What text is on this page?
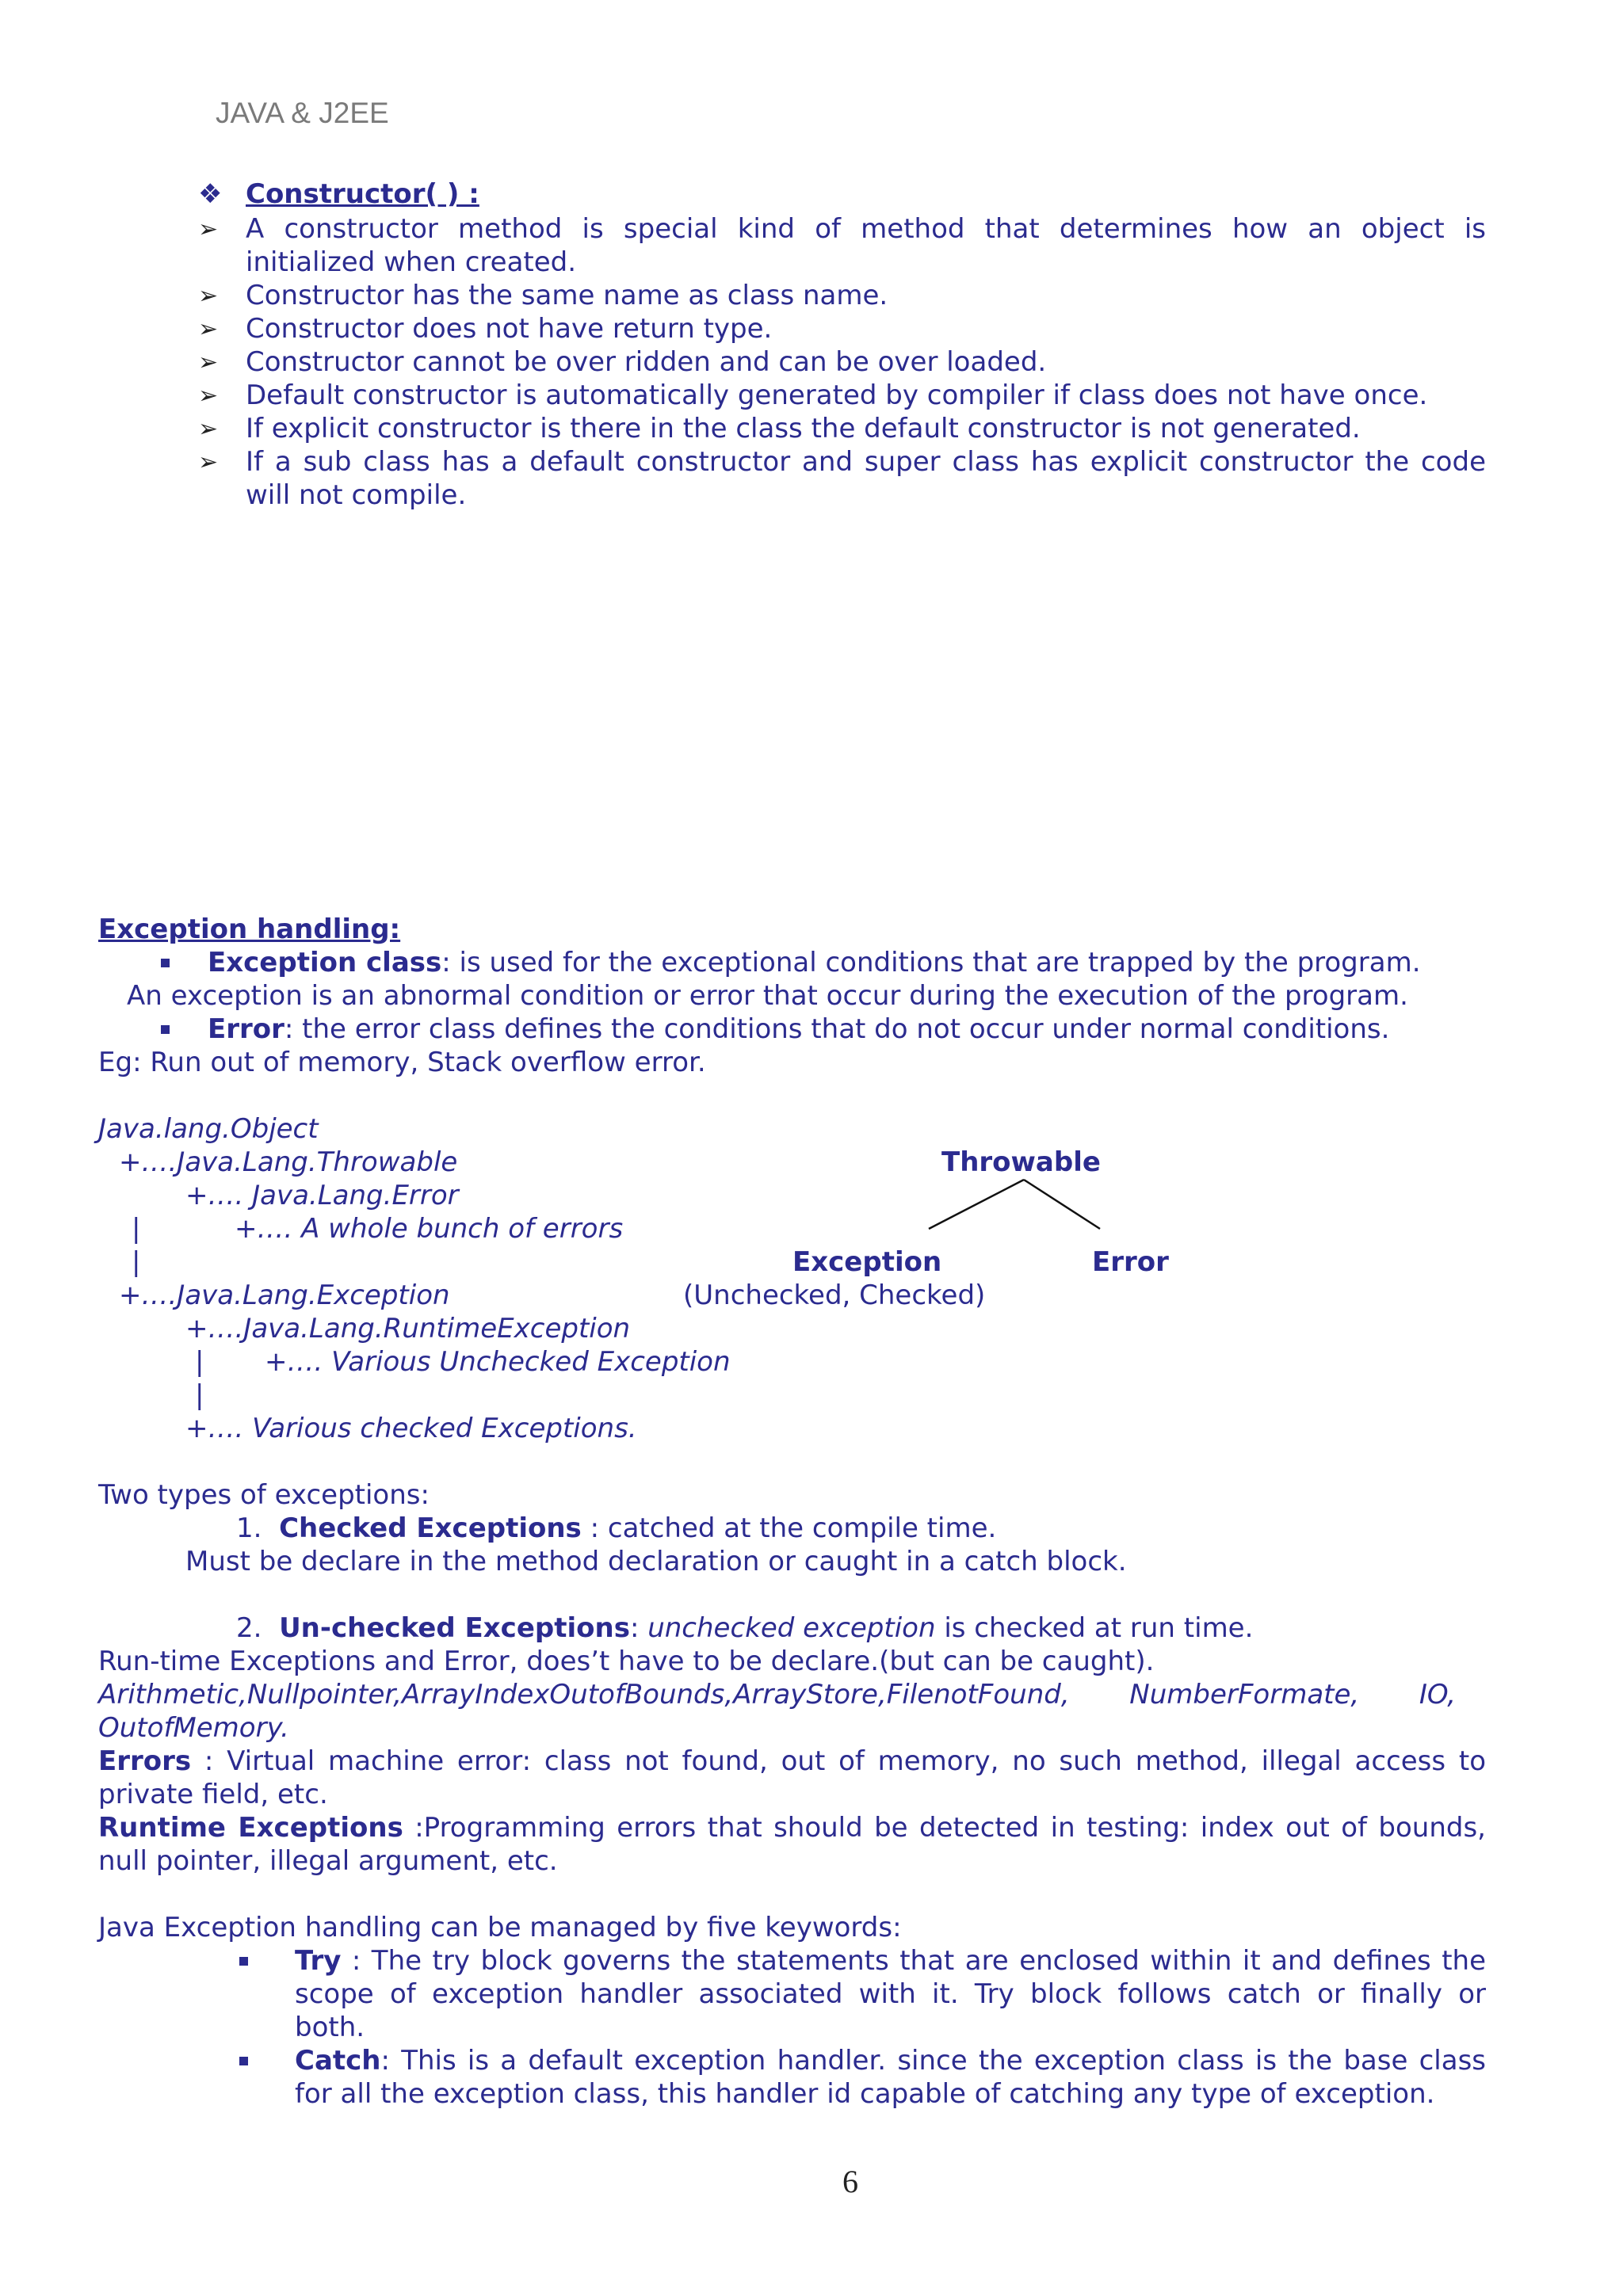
JAVA & J2EE
❖ Constructor( ) :
➢ A constructor method is special kind of method that determines how an object is
initialized when created.
➢ Constructor has the same name as class name.
➢ Constructor does not have return type.
➢ Constructor cannot be over ridden and can be over loaded.
➢ Default constructor is automatically generated by compiler if class does not have once.
➢ If explicit constructor is there in the class the default constructor is not generated.
➢ If a sub class has a default constructor and super class has explicit constructor the code
will not compile.
Exception handling:
Exception class: is used for the exceptional conditions that are trapped by the program.
An exception is an abnormal condition or error that occur during the execution of the program.
Error: the error class defines the conditions that do not occur under normal conditions.
Eg: Run out of memory, Stack overflow error.
Java.lang.Object
+….Java.Lang.Throwable
+…. Java.Lang.Error
|	+…. A whole bunch of errors
|
+….Java.Lang.Exception
+….Java.Lang.RuntimeException
| +…. Various Unchecked Exception
|
+…. Various checked Exceptions.
Throwable
Exception	Error
(Unchecked, Checked)
Two types of exceptions:
1. Checked Exceptions : catched at the compile time.
Must be declare in the method declaration or caught in a catch block.
2. Un-checked Exceptions: unchecked exception is checked at run time.
Run-time Exceptions and Error, does’t have to be declare.(but can be caught).
Arithmetic,Nullpointer,ArrayIndexOutofBounds,ArrayStore,FilenotFound,       NumberFormate,       IO,
OutofMemory.
Errors : Virtual machine error: class not found, out of memory, no such method, illegal access to
private field, etc.
Runtime Exceptions :Programming errors that should be detected in testing: index out of bounds,
null pointer, illegal argument, etc.
Java Exception handling can be managed by five keywords:
Try : The try block governs the statements that are enclosed within it and defines the
scope of exception handler associated with it. Try block follows catch or finally or
both.
Catch: This is a default exception handler. since the exception class is the base class
for all the exception class, this handler id capable of catching any type of exception.
6
